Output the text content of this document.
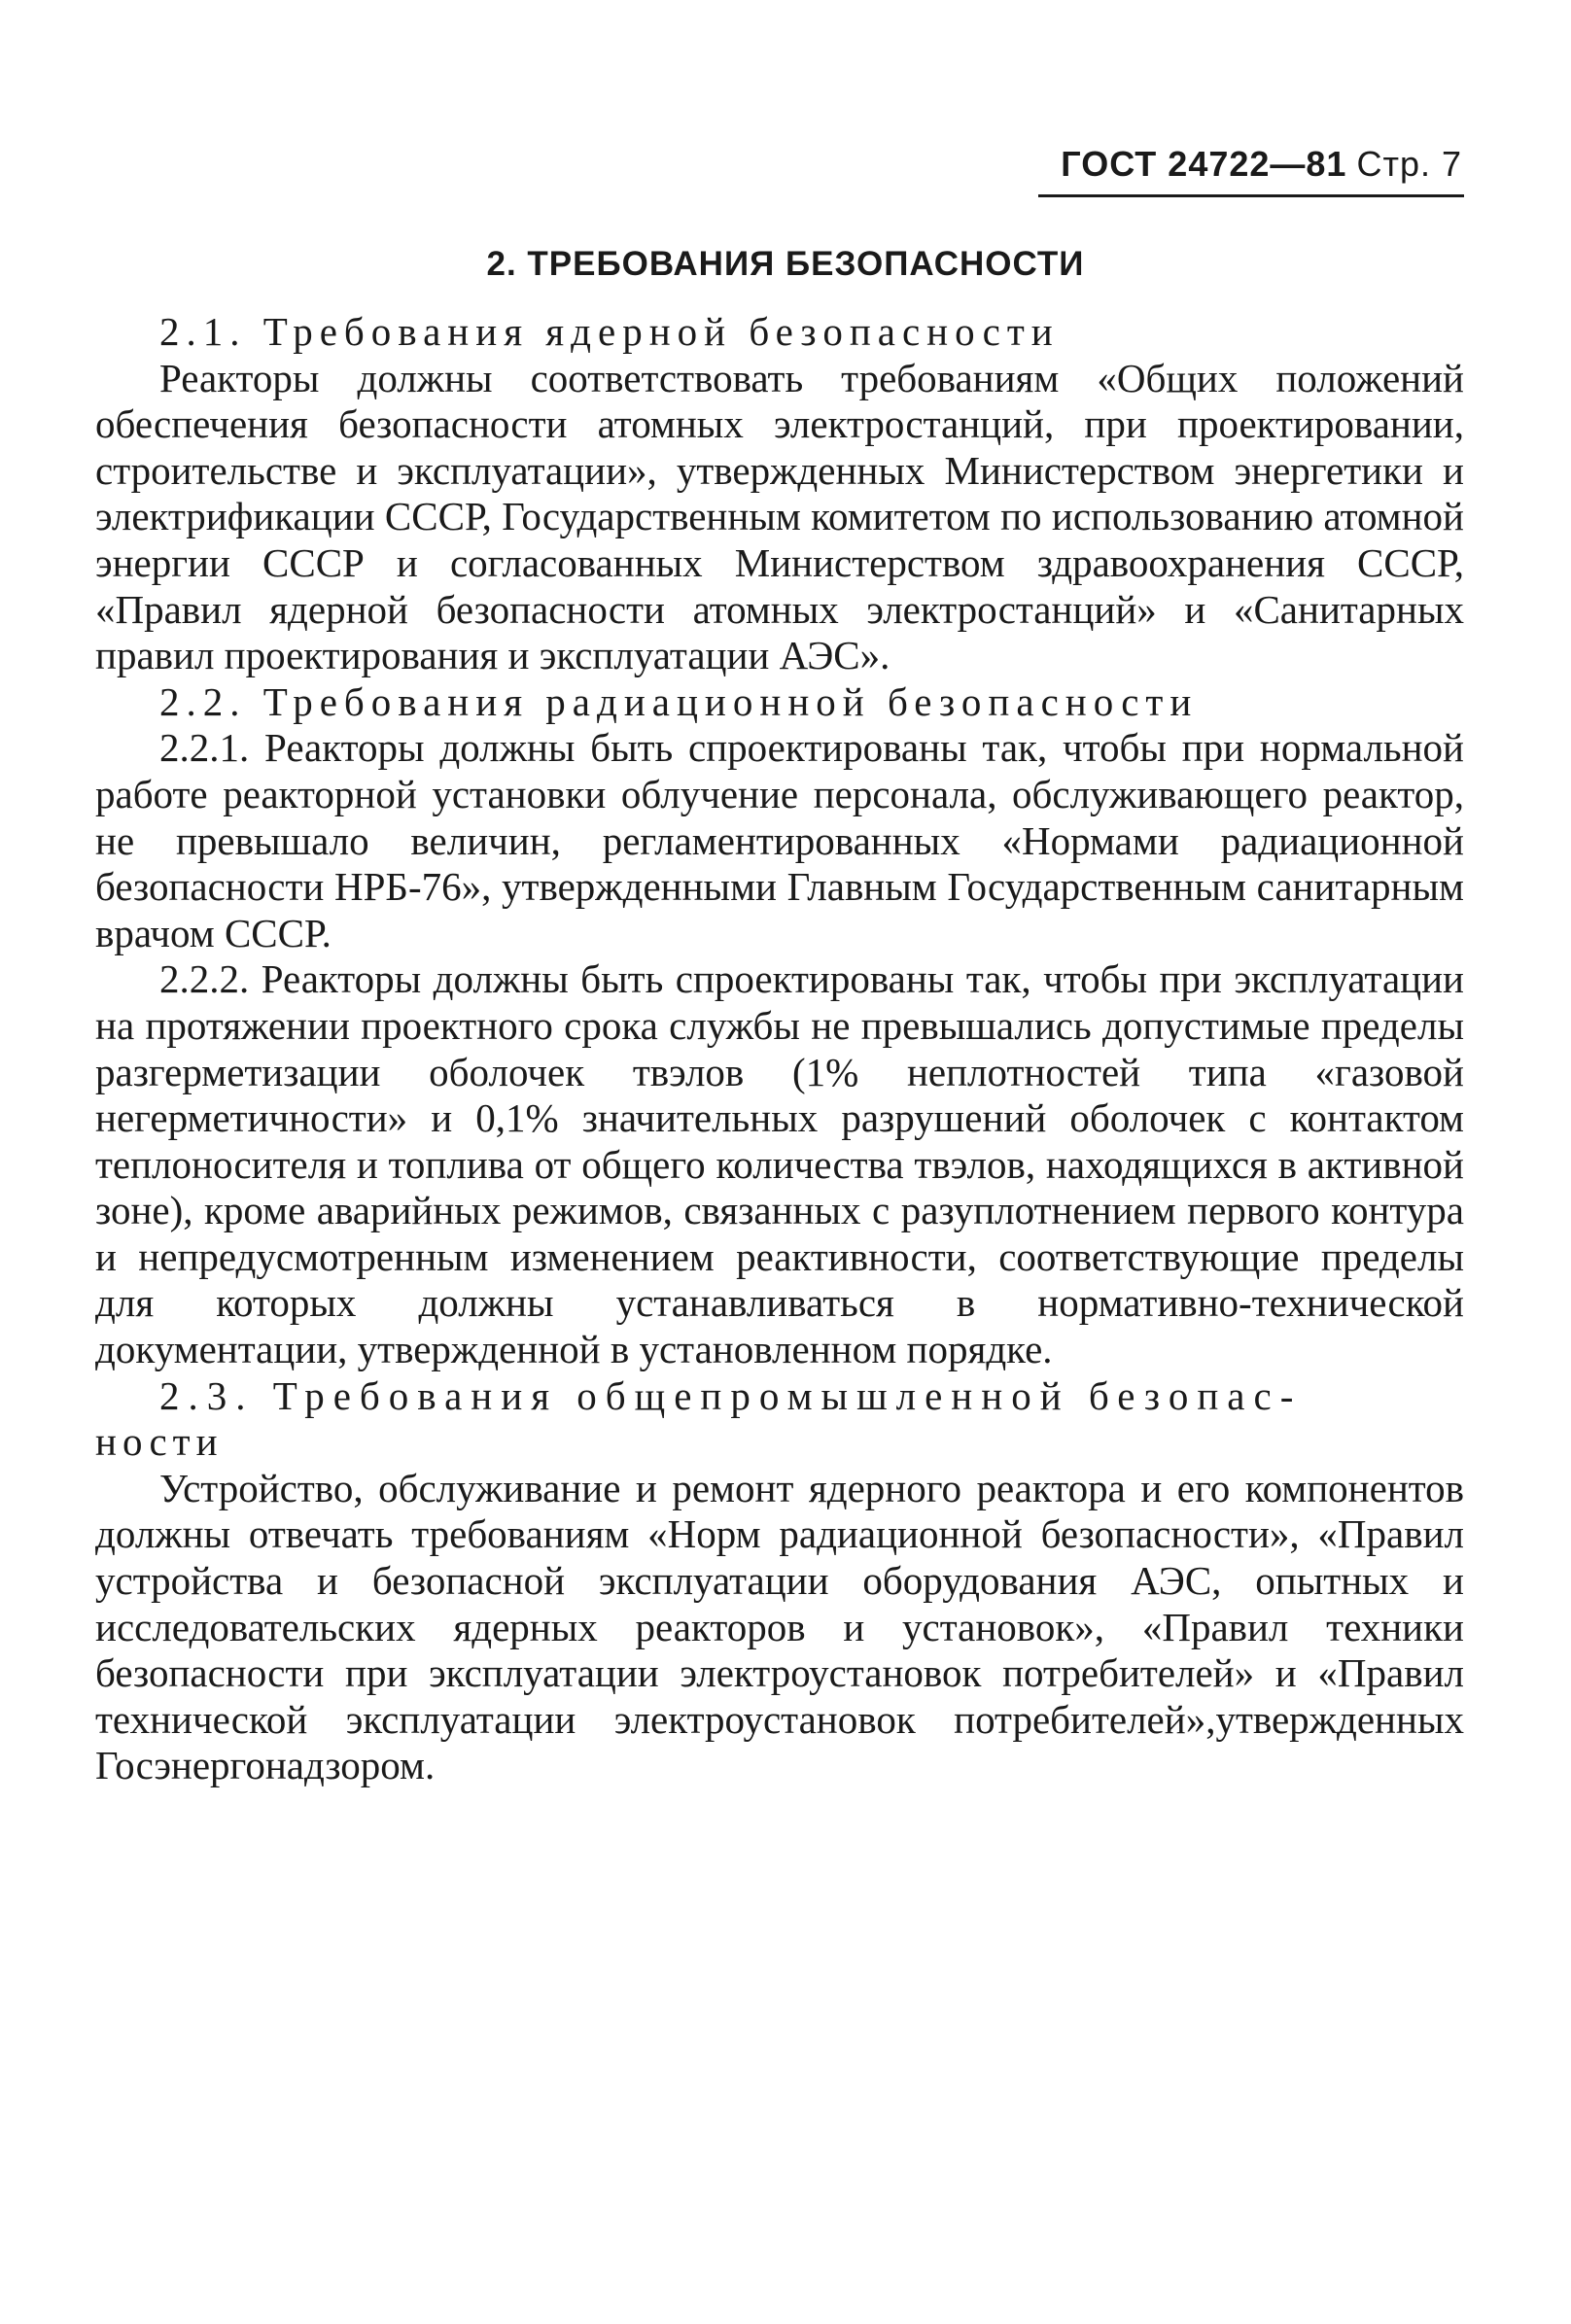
ГОСТ 24722—81 Стр. 7
2. ТРЕБОВАНИЯ БЕЗОПАСНОСТИ

2.1. Требования ядерной безопасности

Реакторы должны соответствовать требованиям «Общих положений обеспечения безопасности атомных электростанций, при проектировании, строительстве и эксплуатации», утвержденных Министерством энергетики и электрификации СССР, Государственным комитетом по использованию атомной энергии СССР и согласованных Министерством здравоохранения СССР, «Правил ядерной безопасности атомных электростанций» и «Санитарных правил проектирования и эксплуатации АЭС».

2.2. Требования радиационной безопасности

2.2.1. Реакторы должны быть спроектированы так, чтобы при нормальной работе реакторной установки облучение персонала, обслуживающего реактор, не превышало величин, регламентированных «Нормами радиационной безопасности НРБ-76», утвержденными Главным Государственным санитарным врачом СССР.

2.2.2. Реакторы должны быть спроектированы так, чтобы при эксплуатации на протяжении проектного срока службы не превышались допустимые пределы разгерметизации оболочек твэлов (1% неплотностей типа «газовой негерметичности» и 0,1% значительных разрушений оболочек с контактом теплоносителя и топлива от общего количества твэлов, находящихся в активной зоне), кроме аварийных режимов, связанных с разуплотнением первого контура и непредусмотренным изменением реактивности, соответствующие пределы для которых должны устанавливаться в нормативно-технической документации, утвержденной в установленном порядке.

2.3. Требования общепромышленной безопас-

ности

Устройство, обслуживание и ремонт ядерного реактора и его компонентов должны отвечать требованиям «Норм радиационной безопасности», «Правил устройства и безопасной эксплуатации оборудования АЭС, опытных и исследовательских ядерных реакторов и установок», «Правил техники безопасности при эксплуатации электроустановок потребителей» и «Правил технической эксплуатации электроустановок потребителей»,утвержденных Госэнергонадзором.
